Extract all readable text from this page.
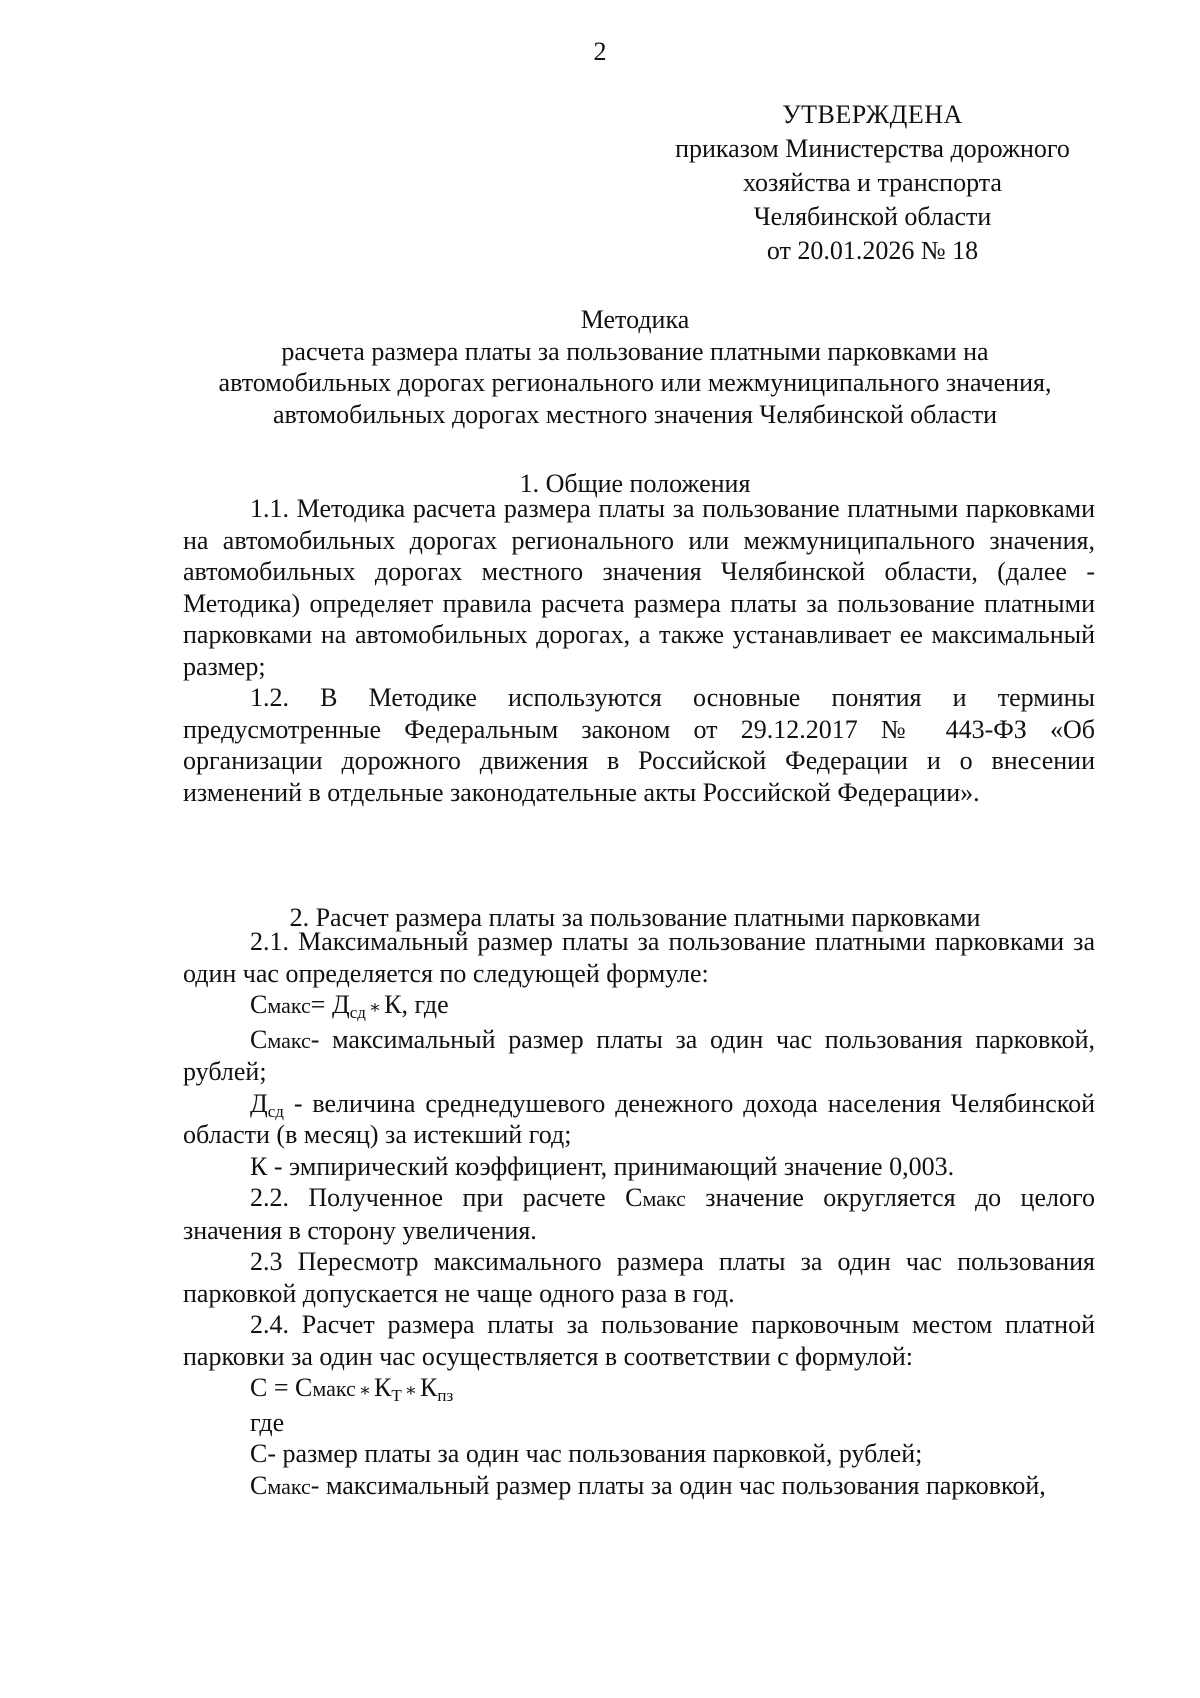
2
УТВЕРЖДЕНА
приказом Министерства дорожного
хозяйства и транспорта
Челябинской области
от 20.01.2026 № 18
Методика
расчета размера платы за пользование платными парковками на
автомобильных дорогах регионального или межмуниципального значения,
автомобильных дорогах местного значения Челябинской области
1. Общие положения

1.1. Методика расчета размера платы за пользование платными парковками на автомобильных дорогах регионального или межмуниципального значения, автомобильных дорогах местного значения Челябинской области, (далее - Методика) определяет правила расчета размера платы за пользование платными парковками на автомобильных дорогах, а также устанавливает ее максимальный размер;

1.2. В Методике используются основные понятия и термины предусмотренные Федеральным законом от 29.12.2017 № 443-ФЗ «Об организации дорожного движения в Российской Федерации и о внесении изменений в отдельные законодательные акты Российской Федерации».

2. Расчет размера платы за пользование платными парковками

2.1. Максимальный размер платы за пользование платными парковками за один час определяется по следующей формуле:

Смакс= $Д_{сд}$ ∗ К, где

Смакс- максимальный размер платы за один час пользования парковкой, рублей;

$Д_{сд}$ - величина среднедушевого денежного дохода населения Челябинской области (в месяц) за истекший год;

К - эмпирический коэффициент, принимающий значение 0,003.

2.2. Полученное при расчете Смакс значение округляется до целого значения в сторону увеличения.

2.3 Пересмотр максимального размера платы за один час пользования парковкой допускается не чаще одного раза в год.

2.4. Расчет размера платы за пользование парковочным местом платной парковки за один час осуществляется в соответствии с формулой:

С = Смакс ∗ $К_Т$ ∗ $К_{пз}$

где

С- размер платы за один час пользования парковкой, рублей;

Смакс- максимальный размер платы за один час пользования парковкой,
